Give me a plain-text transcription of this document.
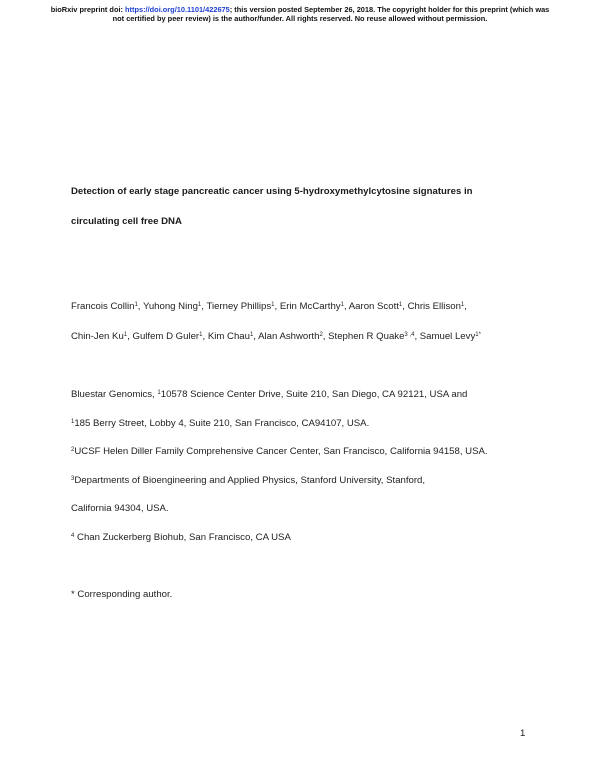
bioRxiv preprint doi: https://doi.org/10.1101/422675; this version posted September 26, 2018. The copyright holder for this preprint (which was
not certified by peer review) is the author/funder. All rights reserved. No reuse allowed without permission.
Detection of early stage pancreatic cancer using 5-hydroxymethylcytosine signatures in
circulating cell free DNA
Francois Collin$^1$, Yuhong Ning$^1$, Tierney Phillips$^1$, Erin McCarthy$^1$, Aaron Scott$^1$, Chris Ellison$^1$,
Chin-Jen Ku$^1$, Gulfem D Guler$^1$, Kim Chau$^1$, Alan Ashworth$^2$, Stephen R Quake$^{3 ,4}$, Samuel Levy$^{1*}$
Bluestar Genomics, $^1$10578 Science Center Drive, Suite 210, San Diego, CA 92121, USA and
$^1$185 Berry Street, Lobby 4, Suite 210, San Francisco, CA94107, USA.
$^2$UCSF Helen Diller Family Comprehensive Cancer Center, San Francisco, California 94158, USA.
$^3$Departments of Bioengineering and Applied Physics, Stanford University, Stanford,
California 94304, USA.
$^4$ Chan Zuckerberg Biohub, San Francisco, CA USA
* Corresponding author.
1
